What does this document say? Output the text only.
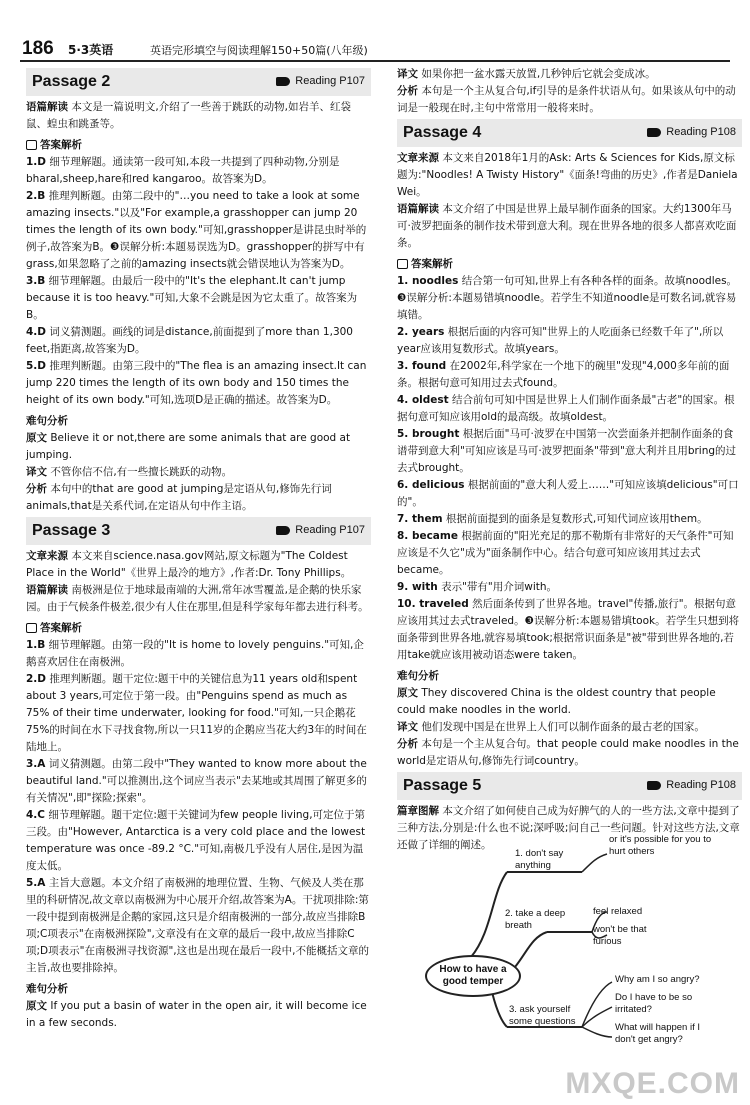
186 5·3英语	英语完形填空与阅读理解150+50篇(八年级)
Passage 2	Reading P107

语篇解读 本文是一篇说明文,介绍了一些善于跳跃的动物,如岩羊、红袋鼠、蝗虫和跳蚤等。

答案解析

1.D 细节理解题。通读第一段可知,本段一共提到了四种动物,分别是bharal,sheep,hare和red kangaroo。故答案为D。

2.B 推理判断题。由第二段中的"…you need to take a look at some amazing insects."以及"For example,a grasshopper can jump 20 times the length of its own body."可知,grasshopper是讲昆虫时举的例子,故答案为B。❸误解分析:本题易误选为D。grasshopper的拼写中有grass,如果忽略了之前的amazing insects就会错误地认为答案为D。

3.B 细节理解题。由最后一段中的"It's the elephant.It can't jump because it is too heavy."可知,大象不会跳是因为它太重了。故答案为B。

4.D 词义猜测题。画线的词是distance,前面提到了more than 1,300 feet,指距离,故答案为D。

5.D 推理判断题。由第三段中的"The flea is an amazing insect.It can jump 220 times the length of its own body and 150 times the height of its own body."可知,选项D是正确的描述。故答案为D。

难句分析

原文 Believe it or not,there are some animals that are good at jumping.

译文 不管你信不信,有一些擅长跳跃的动物。

分析 本句中的that are good at jumping是定语从句,修饰先行词animals,that是关系代词,在定语从句中作主语。

Passage 3	Reading P107

文章来源 本文来自science.nasa.gov网站,原文标题为"The Coldest Place in the World"《世界上最冷的地方》,作者:Dr. Tony Phillips。

语篇解读 南极洲是位于地球最南端的大洲,常年冰雪覆盖,是企鹅的快乐家园。由于气候条件极差,很少有人住在那里,但是科学家每年都去进行科考。

答案解析

1.B 细节理解题。由第一段的"It is home to lovely penguins."可知,企鹅喜欢居住在南极洲。

2.D 推理判断题。题干定位:题干中的关键信息为11 years old和spent about 3 years,可定位于第一段。由"Penguins spend as much as 75% of their time underwater, looking for food."可知,一只企鹅花75%的时间在水下寻找食物,所以一只11岁的企鹅应当花大约3年的时间在陆地上。

3.A 词义猜测题。由第二段中"They wanted to know more about the beautiful land."可以推测出,这个词应当表示"去某地或其周围了解更多的有关情况",即"探险;探索"。

4.C 细节理解题。题干定位:题干关键词为few people living,可定位于第三段。由"However, Antarctica is a very cold place and the lowest temperature was once -89.2 °C."可知,南极几乎没有人居住,是因为温度太低。

5.A 主旨大意题。本文介绍了南极洲的地理位置、生物、气候及人类在那里的科研情况,故文章以南极洲为中心展开介绍,故答案为A。干扰项排除:第一段中提到南极洲是企鹅的家园,这只是介绍南极洲的一部分,故应当排除B项;C项表示"在南极洲探险",文章没有在文章的最后一段中,故应当排除C项;D项表示"在南极洲寻找资源",这也是出现在最后一段中,不能概括文章的主旨,故也要排除掉。

难句分析

原文 If you put a basin of water in the open air, it will become ice in a few seconds.

译文 如果你把一盆水露天放置,几秒钟后它就会变成冰。

分析 本句是一个主从复合句,if引导的是条件状语从句。如果该从句中的动词是一般现在时,主句中常常用一般将来时。

Passage 4	Reading P108

文章来源 本文来自2018年1月的Ask: Arts & Sciences for Kids,原文标题为:"Noodles! A Twisty History"《面条!弯曲的历史》,作者是Daniela Wei。

语篇解读 本文介绍了中国是世界上最早制作面条的国家。大约1300年马可·波罗把面条的制作技术带到意大利。现在世界各地的很多人都喜欢吃面条。

答案解析

1. noodles 结合第一句可知,世界上有各种各样的面条。故填noodles。❸误解分析:本题易错填noodle。若学生不知道noodle是可数名词,就容易填错。

2. years 根据后面的内容可知"世界上的人吃面条已经数千年了",所以year应该用复数形式。故填years。

3. found 在2002年,科学家在一个地下的碗里"发现"4,000多年前的面条。根据句意可知用过去式found。

4. oldest 结合前句可知中国是世界上人们制作面条最"古老"的国家。根据句意可知应该用old的最高级。故填oldest。

5. brought 根据后面"马可·波罗在中国第一次尝面条并把制作面条的食谱带到意大利"可知应该是马可·波罗把面条"带到"意大利并且用bring的过去式brought。

6. delicious 根据前面的"意大利人爱上……"可知应该填delicious"可口的"。

7. them 根据前面提到的面条是复数形式,可知代词应该用them。

8. became 根据前面的"阳光充足的那不勒斯有非常好的天气条件"可知应该是不久它"成为"面条制作中心。结合句意可知应该用其过去式became。

9. with 表示"带有"用介词with。

10. traveled 然后面条传到了世界各地。travel"传播,旅行"。根据句意应该用其过去式traveled。❸误解分析:本题易错填took。若学生只想到将面条带到世界各地,就容易填took;根据常识面条是"被"带到世界各地的,若用take就应该用被动语态were taken。

难句分析

原文 They discovered China is the oldest country that people could make noodles in the world.

译文 他们发现中国是在世界上人们可以制作面条的最古老的国家。

分析 本句是一个主从复合句。that people could make noodles in the world是定语从句,修饰先行词country。

Passage 5	Reading P108

篇章图解 本文介绍了如何使自己成为好脾气的人的一些方法,文章中提到了三种方法,分别是:什么也不说;深呼吸;问自己一些问题。针对这些方法,文章还做了详细的阐述。

How to have a good temper
1. don't say anything
2. take a deep breath
3. ask yourself some questions
or it's possible for you to hurt others
feel relaxed
won't be that furious
Why am I so angry?
Do I have to be so irritated?
What will happen if I don't get angry?
MXQE.COM
